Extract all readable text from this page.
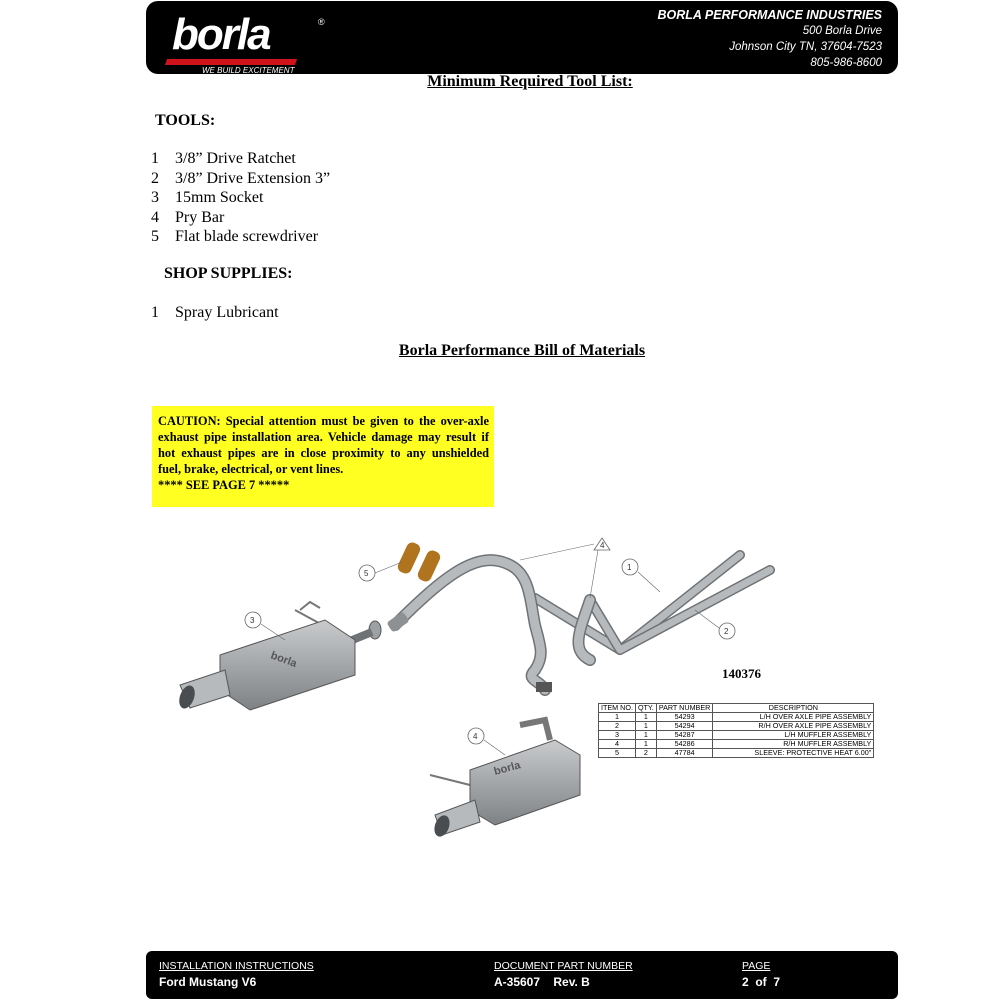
borla	®
WE BUILD EXCITEMENT
BORLA PERFORMANCE INDUSTRIES
500 Borla Drive
Johnson City TN, 37604-7523
805-986-8600
Minimum Required Tool List:
TOOLS:
1	3/8” Drive Ratchet
2	3/8” Drive Extension 3”
3	15mm Socket
4	Pry Bar
5	Flat blade screwdriver
SHOP SUPPLIES:
1	Spray Lubricant
Borla Performance Bill of Materials
CAUTION: Special attention must be given to the over-axle exhaust pipe installation area. Vehicle damage may result if hot exhaust pipes are in close proximity to any unshielded fuel, brake, electrical, or vent lines.
**** SEE PAGE 7 *****
borla
borla
1
2
3
4
4
5
140376
ITEM NO.	QTY.	PART NUMBER	DESCRIPTION
1	1	54293	L/H OVER AXLE PIPE ASSEMBLY
2	1	54294	R/H OVER AXLE PIPE ASSEMBLY
3	1	54287	L/H MUFFLER ASSEMBLY
4	1	54286	R/H MUFFLER ASSEMBLY
5	2	47784	SLEEVE: PROTECTIVE HEAT 6.00"
INSTALLATION INSTRUCTIONS
Ford Mustang V6
DOCUMENT PART NUMBER
A-35607    Rev. B
PAGE
2  of  7
